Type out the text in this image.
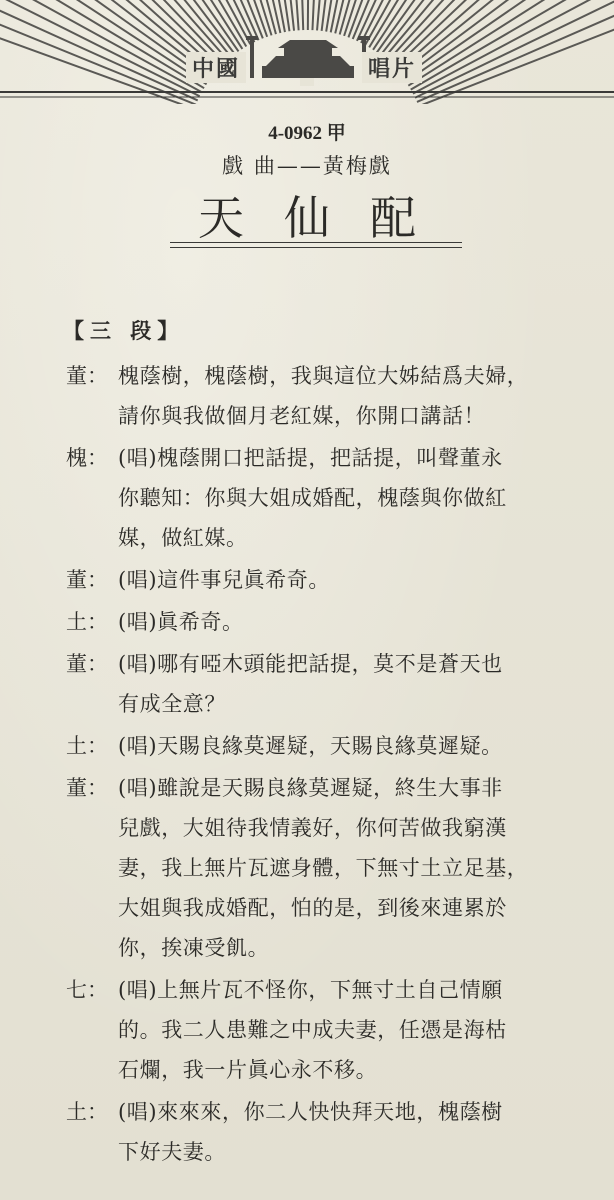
中國	唱片
4-0962 甲
戲 曲——黃梅戲
天仙配
【三 段】
董： 槐蔭樹，槐蔭樹，我與這位大姊結爲夫婦，
請你與我做個月老紅媒，你開口講話！
槐： (唱)槐蔭開口把話提，把話提，叫聲董永
你聽知：你與大姐成婚配，槐蔭與你做紅
媒，做紅媒。
董： (唱)這件事兒眞希奇。
土： (唱)眞希奇。
董： (唱)哪有啞木頭能把話提，莫不是蒼天也
有成全意？
土： (唱)天賜良緣莫遲疑，天賜良緣莫遲疑。
董： (唱)雖說是天賜良緣莫遲疑，終生大事非
兒戲，大姐待我情義好，你何苦做我窮漢
妻，我上無片瓦遮身體，下無寸土立足基，
大姐與我成婚配，怕的是，到後來連累於
你，挨凍受飢。
七： (唱)上無片瓦不怪你，下無寸土自己情願
的。我二人患難之中成夫妻，任憑是海枯
石爛，我一片眞心永不移。
土： (唱)來來來，你二人快快拜天地，槐蔭樹
下好夫妻。
